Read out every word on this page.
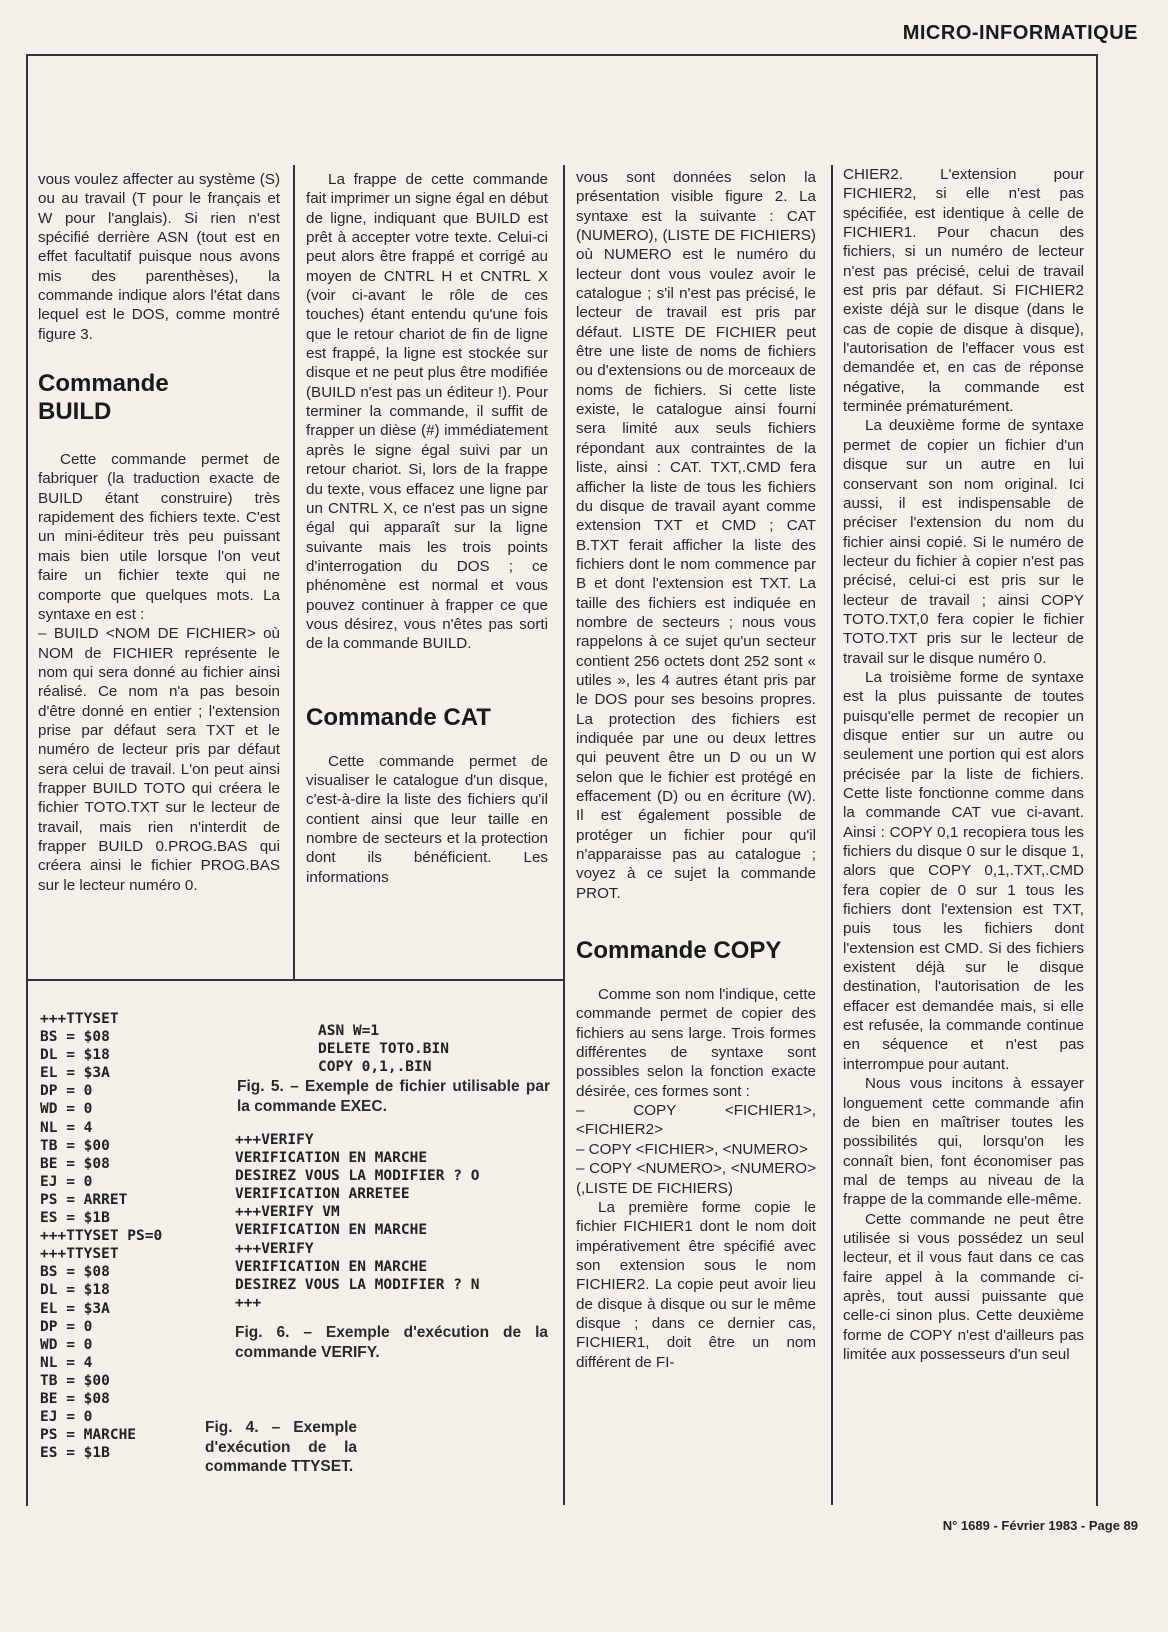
MICRO-INFORMATIQUE

vous voulez affecter au système (S) ou au travail (T pour le français et W pour l'anglais). Si rien n'est spécifié derrière ASN (tout est en effet facultatif puisque nous avons mis des parenthèses), la commande indique alors l'état dans lequel est le DOS, comme montré figure 3.

Commande BUILD

Cette commande permet de fabriquer (la traduction exacte de BUILD étant construire) très rapidement des fichiers texte. C'est un mini-éditeur très peu puissant mais bien utile lorsque l'on veut faire un fichier texte qui ne comporte que quelques mots. La syntaxe en est :

– BUILD <NOM DE FICHIER> où NOM de FICHIER représente le nom qui sera donné au fichier ainsi réalisé. Ce nom n'a pas besoin d'être donné en entier ; l'extension prise par défaut sera TXT et le numéro de lecteur pris par défaut sera celui de travail. L'on peut ainsi frapper BUILD TOTO qui créera le fichier TOTO.TXT sur le lecteur de travail, mais rien n'interdit de frapper BUILD 0.PROG.BAS qui créera ainsi le fichier PROG.BAS sur le lecteur numéro 0.

La frappe de cette commande fait imprimer un signe égal en début de ligne, indiquant que BUILD est prêt à accepter votre texte. Celui-ci peut alors être frappé et corrigé au moyen de CNTRL H et CNTRL X (voir ci-avant le rôle de ces touches) étant entendu qu'une fois que le retour chariot de fin de ligne est frappé, la ligne est stockée sur disque et ne peut plus être modifiée (BUILD n'est pas un éditeur !). Pour terminer la commande, il suffit de frapper un dièse (#) immédiatement après le signe égal suivi par un retour chariot. Si, lors de la frappe du texte, vous effacez une ligne par un CNTRL X, ce n'est pas un signe égal qui apparaît sur la ligne suivante mais les trois points d'interrogation du DOS ; ce phénomène est normal et vous pouvez continuer à frapper ce que vous désirez, vous n'êtes pas sorti de la commande BUILD.

Commande CAT

Cette commande permet de visualiser le catalogue d'un disque, c'est-à-dire la liste des fichiers qu'il contient ainsi que leur taille en nombre de secteurs et la protection dont ils bénéficient. Les informations

vous sont données selon la présentation visible figure 2. La syntaxe est la suivante : CAT (NUMERO), (LISTE DE FICHIERS) où NUMERO est le numéro du lecteur dont vous voulez avoir le catalogue ; s'il n'est pas précisé, le lecteur de travail est pris par défaut. LISTE DE FICHIER peut être une liste de noms de fichiers ou d'extensions ou de morceaux de noms de fichiers. Si cette liste existe, le catalogue ainsi fourni sera limité aux seuls fichiers répondant aux contraintes de la liste, ainsi : CAT. TXT,.CMD fera afficher la liste de tous les fichiers du disque de travail ayant comme extension TXT et CMD ; CAT B.TXT ferait afficher la liste des fichiers dont le nom commence par B et dont l'extension est TXT. La taille des fichiers est indiquée en nombre de secteurs ; nous vous rappelons à ce sujet qu'un secteur contient 256 octets dont 252 sont « utiles », les 4 autres étant pris par le DOS pour ses besoins propres. La protection des fichiers est indiquée par une ou deux lettres qui peuvent être un D ou un W selon que le fichier est protégé en effacement (D) ou en écriture (W). Il est également possible de protéger un fichier pour qu'il n'apparaisse pas au catalogue ; voyez à ce sujet la commande PROT.

Commande COPY

Comme son nom l'indique, cette commande permet de copier des fichiers au sens large. Trois formes différentes de syntaxe sont possibles selon la fonction exacte désirée, ces formes sont :

– COPY <FICHIER1>, <FICHIER2>

– COPY <FICHIER>, <NUMERO>

– COPY <NUMERO>, <NUMERO> (,LISTE DE FICHIERS)

La première forme copie le fichier FICHIER1 dont le nom doit impérativement être spécifié avec son extension sous le nom FICHIER2. La copie peut avoir lieu de disque à disque ou sur le même disque ; dans ce dernier cas, FICHIER1, doit être un nom différent de FI-

CHIER2. L'extension pour FICHIER2, si elle n'est pas spécifiée, est identique à celle de FICHIER1. Pour chacun des fichiers, si un numéro de lecteur n'est pas précisé, celui de travail est pris par défaut. Si FICHIER2 existe déjà sur le disque (dans le cas de copie de disque à disque), l'autorisation de l'effacer vous est demandée et, en cas de réponse négative, la commande est terminée prématurément.

La deuxième forme de syntaxe permet de copier un fichier d'un disque sur un autre en lui conservant son nom original. Ici aussi, il est indispensable de préciser l'extension du nom du fichier ainsi copié. Si le numéro de lecteur du fichier à copier n'est pas précisé, celui-ci est pris sur le lecteur de travail ; ainsi COPY TOTO.TXT,0 fera copier le fichier TOTO.TXT pris sur le lecteur de travail sur le disque numéro 0.

La troisième forme de syntaxe est la plus puissante de toutes puisqu'elle permet de recopier un disque entier sur un autre ou seulement une portion qui est alors précisée par la liste de fichiers. Cette liste fonctionne comme dans la commande CAT vue ci-avant. Ainsi : COPY 0,1 recopiera tous les fichiers du disque 0 sur le disque 1, alors que COPY 0,1,.TXT,.CMD fera copier de 0 sur 1 tous les fichiers dont l'extension est TXT, puis tous les fichiers dont l'extension est CMD. Si des fichiers existent déjà sur le disque destination, l'autorisation de les effacer est demandée mais, si elle est refusée, la commande continue en séquence et n'est pas interrompue pour autant.

Nous vous incitons à essayer longuement cette commande afin de bien en maîtriser toutes les possibilités qui, lorsqu'on les connaît bien, font économiser pas mal de temps au niveau de la frappe de la commande elle-même.

Cette commande ne peut être utilisée si vous possédez un seul lecteur, et il vous faut dans ce cas faire appel à la commande ci-après, tout aussi puissante que celle-ci sinon plus. Cette deuxième forme de COPY n'est d'ailleurs pas limitée aux possesseurs d'un seul

+++TTYSET
BS = $08
DL = $18
EL = $3A
DP = 0
WD = 0
NL = 4
TB = $00
BE = $08
EJ = 0
PS = ARRET
ES = $1B
+++TTYSET PS=0
+++TTYSET
BS = $08
DL = $18
EL = $3A
DP = 0
WD = 0
NL = 4
TB = $00
BE = $08
EJ = 0
PS = MARCHE
ES = $1B
Fig. 4. – Exemple d'exécution de la commande TTYSET.
ASN W=1
DELETE TOTO.BIN
COPY 0,1,.BIN
Fig. 5. – Exemple de fichier utilisable par la commande EXEC.
+++VERIFY
VERIFICATION EN MARCHE
DESIREZ VOUS LA MODIFIER ? O
VERIFICATION ARRETEE
+++VERIFY VM
VERIFICATION EN MARCHE
+++VERIFY
VERIFICATION EN MARCHE
DESIREZ VOUS LA MODIFIER ? N
+++
Fig. 6. – Exemple d'exécution de la commande VERIFY.
N° 1689 - Février 1983 - Page 89
